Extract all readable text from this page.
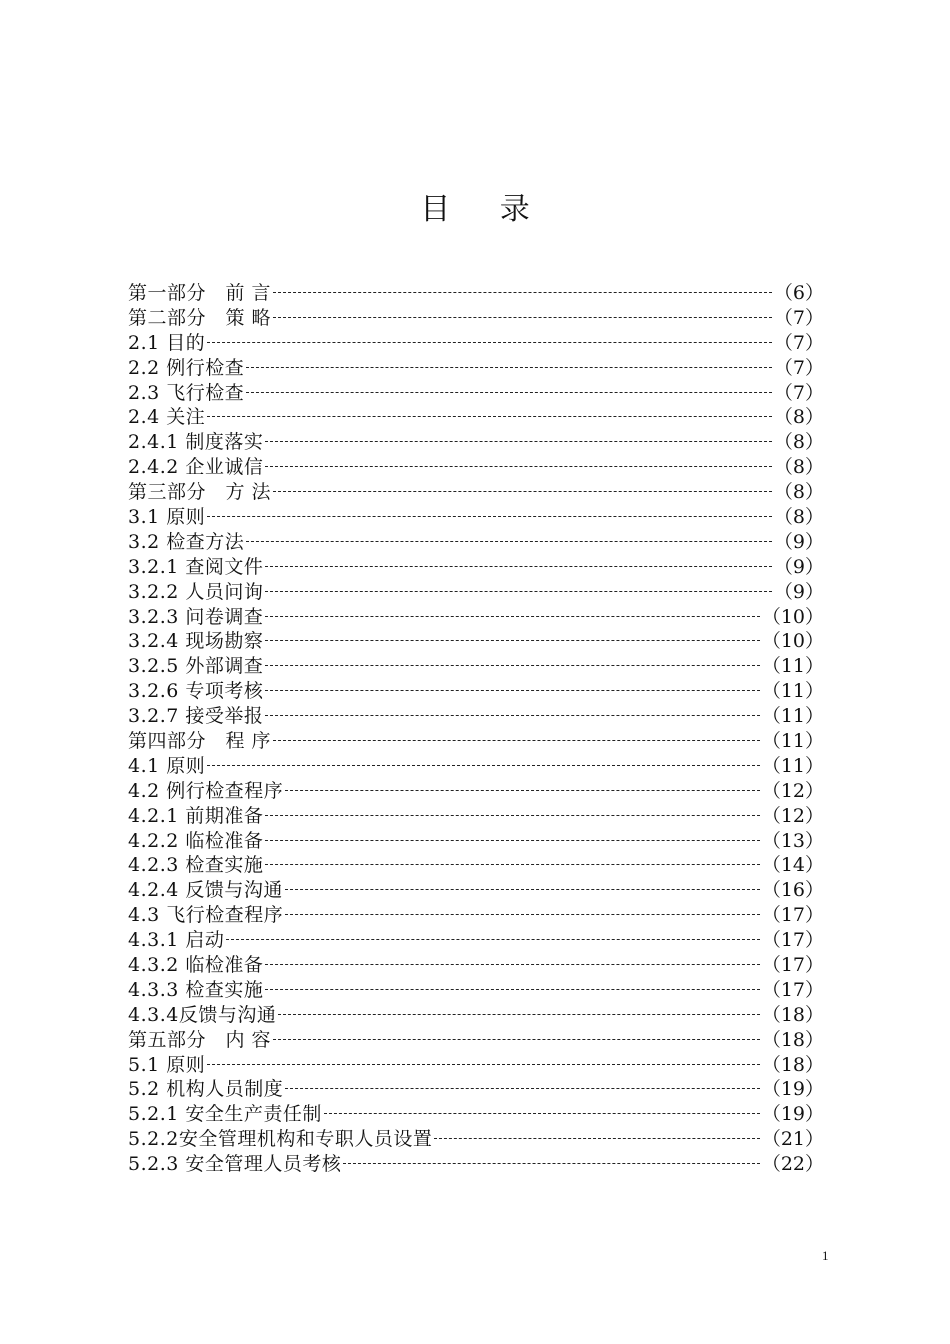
目 录
第一部分　前 言	（6）
第二部分　策 略	（7）
2.1 目的	（7）
2.2 例行检查	（7）
2.3 飞行检查	（7）
2.4 关注	（8）
2.4.1 制度落实	（8）
2.4.2 企业诚信	（8）
第三部分　方 法	（8）
3.1 原则	（8）
3.2 检查方法	（9）
3.2.1 查阅文件	（9）
3.2.2 人员问询	（9）
3.2.3 问卷调查	（10）
3.2.4 现场勘察	（10）
3.2.5 外部调查	（11）
3.2.6 专项考核	（11）
3.2.7 接受举报	（11）
第四部分　程 序	（11）
4.1 原则	（11）
4.2 例行检查程序	（12）
4.2.1 前期准备	（12）
4.2.2 临检准备	（13）
4.2.3 检查实施	（14）
4.2.4 反馈与沟通	（16）
4.3 飞行检查程序	（17）
4.3.1 启动	（17）
4.3.2 临检准备	（17）
4.3.3 检查实施	（17）
4.3.4反馈与沟通	（18）
第五部分　内 容	（18）
5.1 原则	（18）
5.2 机构人员制度	（19）
5.2.1 安全生产责任制	（19）
5.2.2安全管理机构和专职人员设置	（21）
5.2.3 安全管理人员考核	（22）
1
